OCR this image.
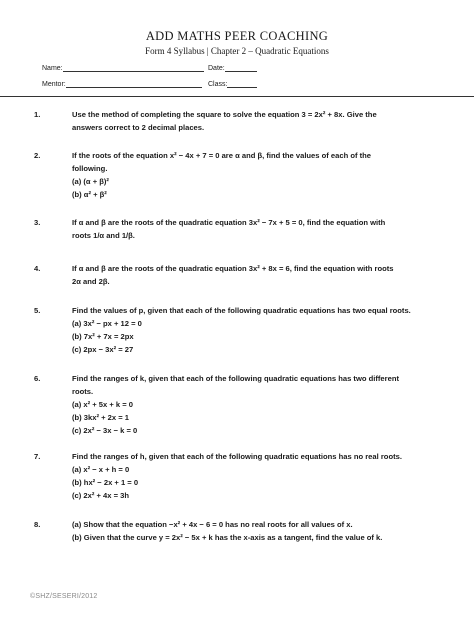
ADD MATHS PEER COACHING
Form 4 Syllabus | Chapter 2 – Quadratic Equations
Name:	Date:
Mentor:	Class:
1.	Use the method of completing the square to solve the equation 3 = 2x² + 8x. Give the
answers correct to 2 decimal places.
2.	If the roots of the equation x² − 4x + 7 = 0 are α and β, find the values of each of the
following.
(a) (α + β)²
(b) α² + β²
3.	If α and β are the roots of the quadratic equation 3x² − 7x + 5 = 0, find the equation with
roots 1/α and 1/β.
4.	If α and β are the roots of the quadratic equation 3x² + 8x = 6, find the equation with roots
2α and 2β.
5.	Find the values of p, given that each of the following quadratic equations has two equal roots.
(a) 3x² − px + 12 = 0
(b) 7x² + 7x = 2px
(c) 2px − 3x² = 27
6.	Find the ranges of k, given that each of the following quadratic equations has two different
roots.
(a) x² + 5x + k = 0
(b) 3kx² + 2x = 1
(c) 2x² − 3x − k = 0
7.	Find the ranges of h, given that each of the following quadratic equations has no real roots.
(a) x² − x + h = 0
(b) hx² − 2x + 1 = 0
(c) 2x² + 4x = 3h
8.	(a) Show that the equation −x² + 4x − 6 = 0 has no real roots for all values of x.
(b) Given that the curve y = 2x² − 5x + k has the x-axis as a tangent, find the value of k.
©SHZ/SESERI/2012
